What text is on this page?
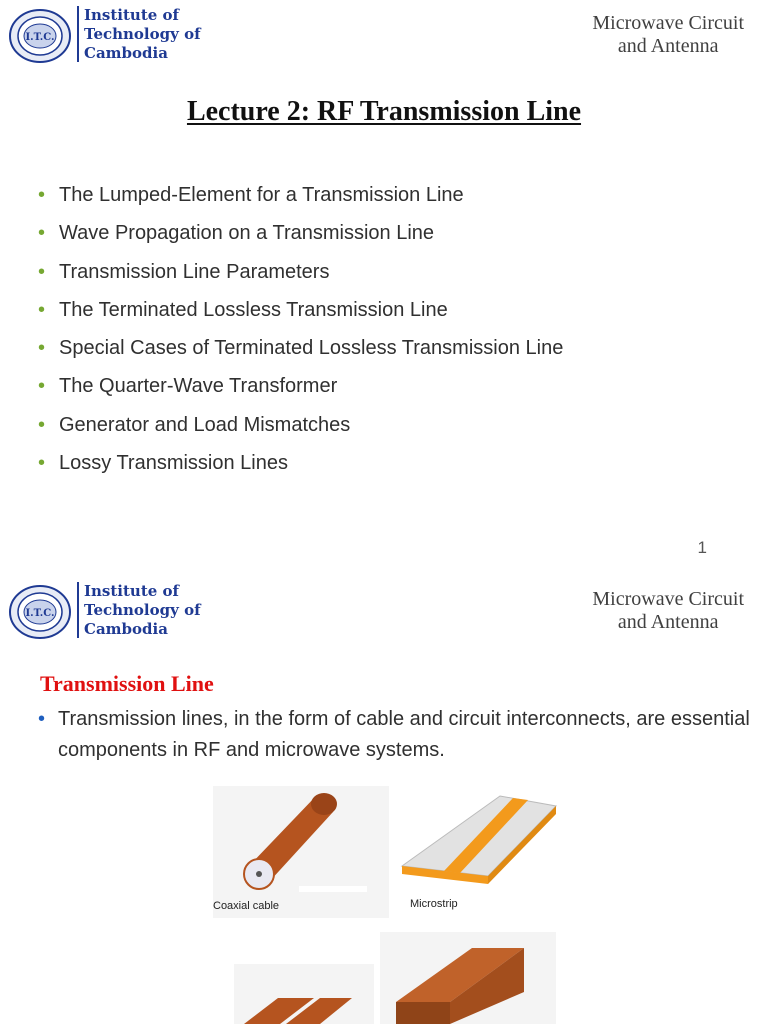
I.T.C.
Institute of
Technology of
Cambodia
Microwave Circuit
and Antenna
Lecture 2: RF Transmission Line
• The Lumped-Element for a Transmission Line
• Wave Propagation on a Transmission Line
• Transmission Line Parameters
• The Terminated Lossless Transmission Line
• Special Cases of Terminated Lossless Transmission Line
• The Quarter-Wave Transformer
• Generator and Load Mismatches
• Lossy Transmission Lines
1
I.T.C.
Institute of
Technology of
Cambodia
Microwave Circuit
and Antenna
Transmission Line
• Transmission lines, in the form of cable and circuit interconnects, are essential components in RF and microwave systems.
Coaxial cable	Microstrip
